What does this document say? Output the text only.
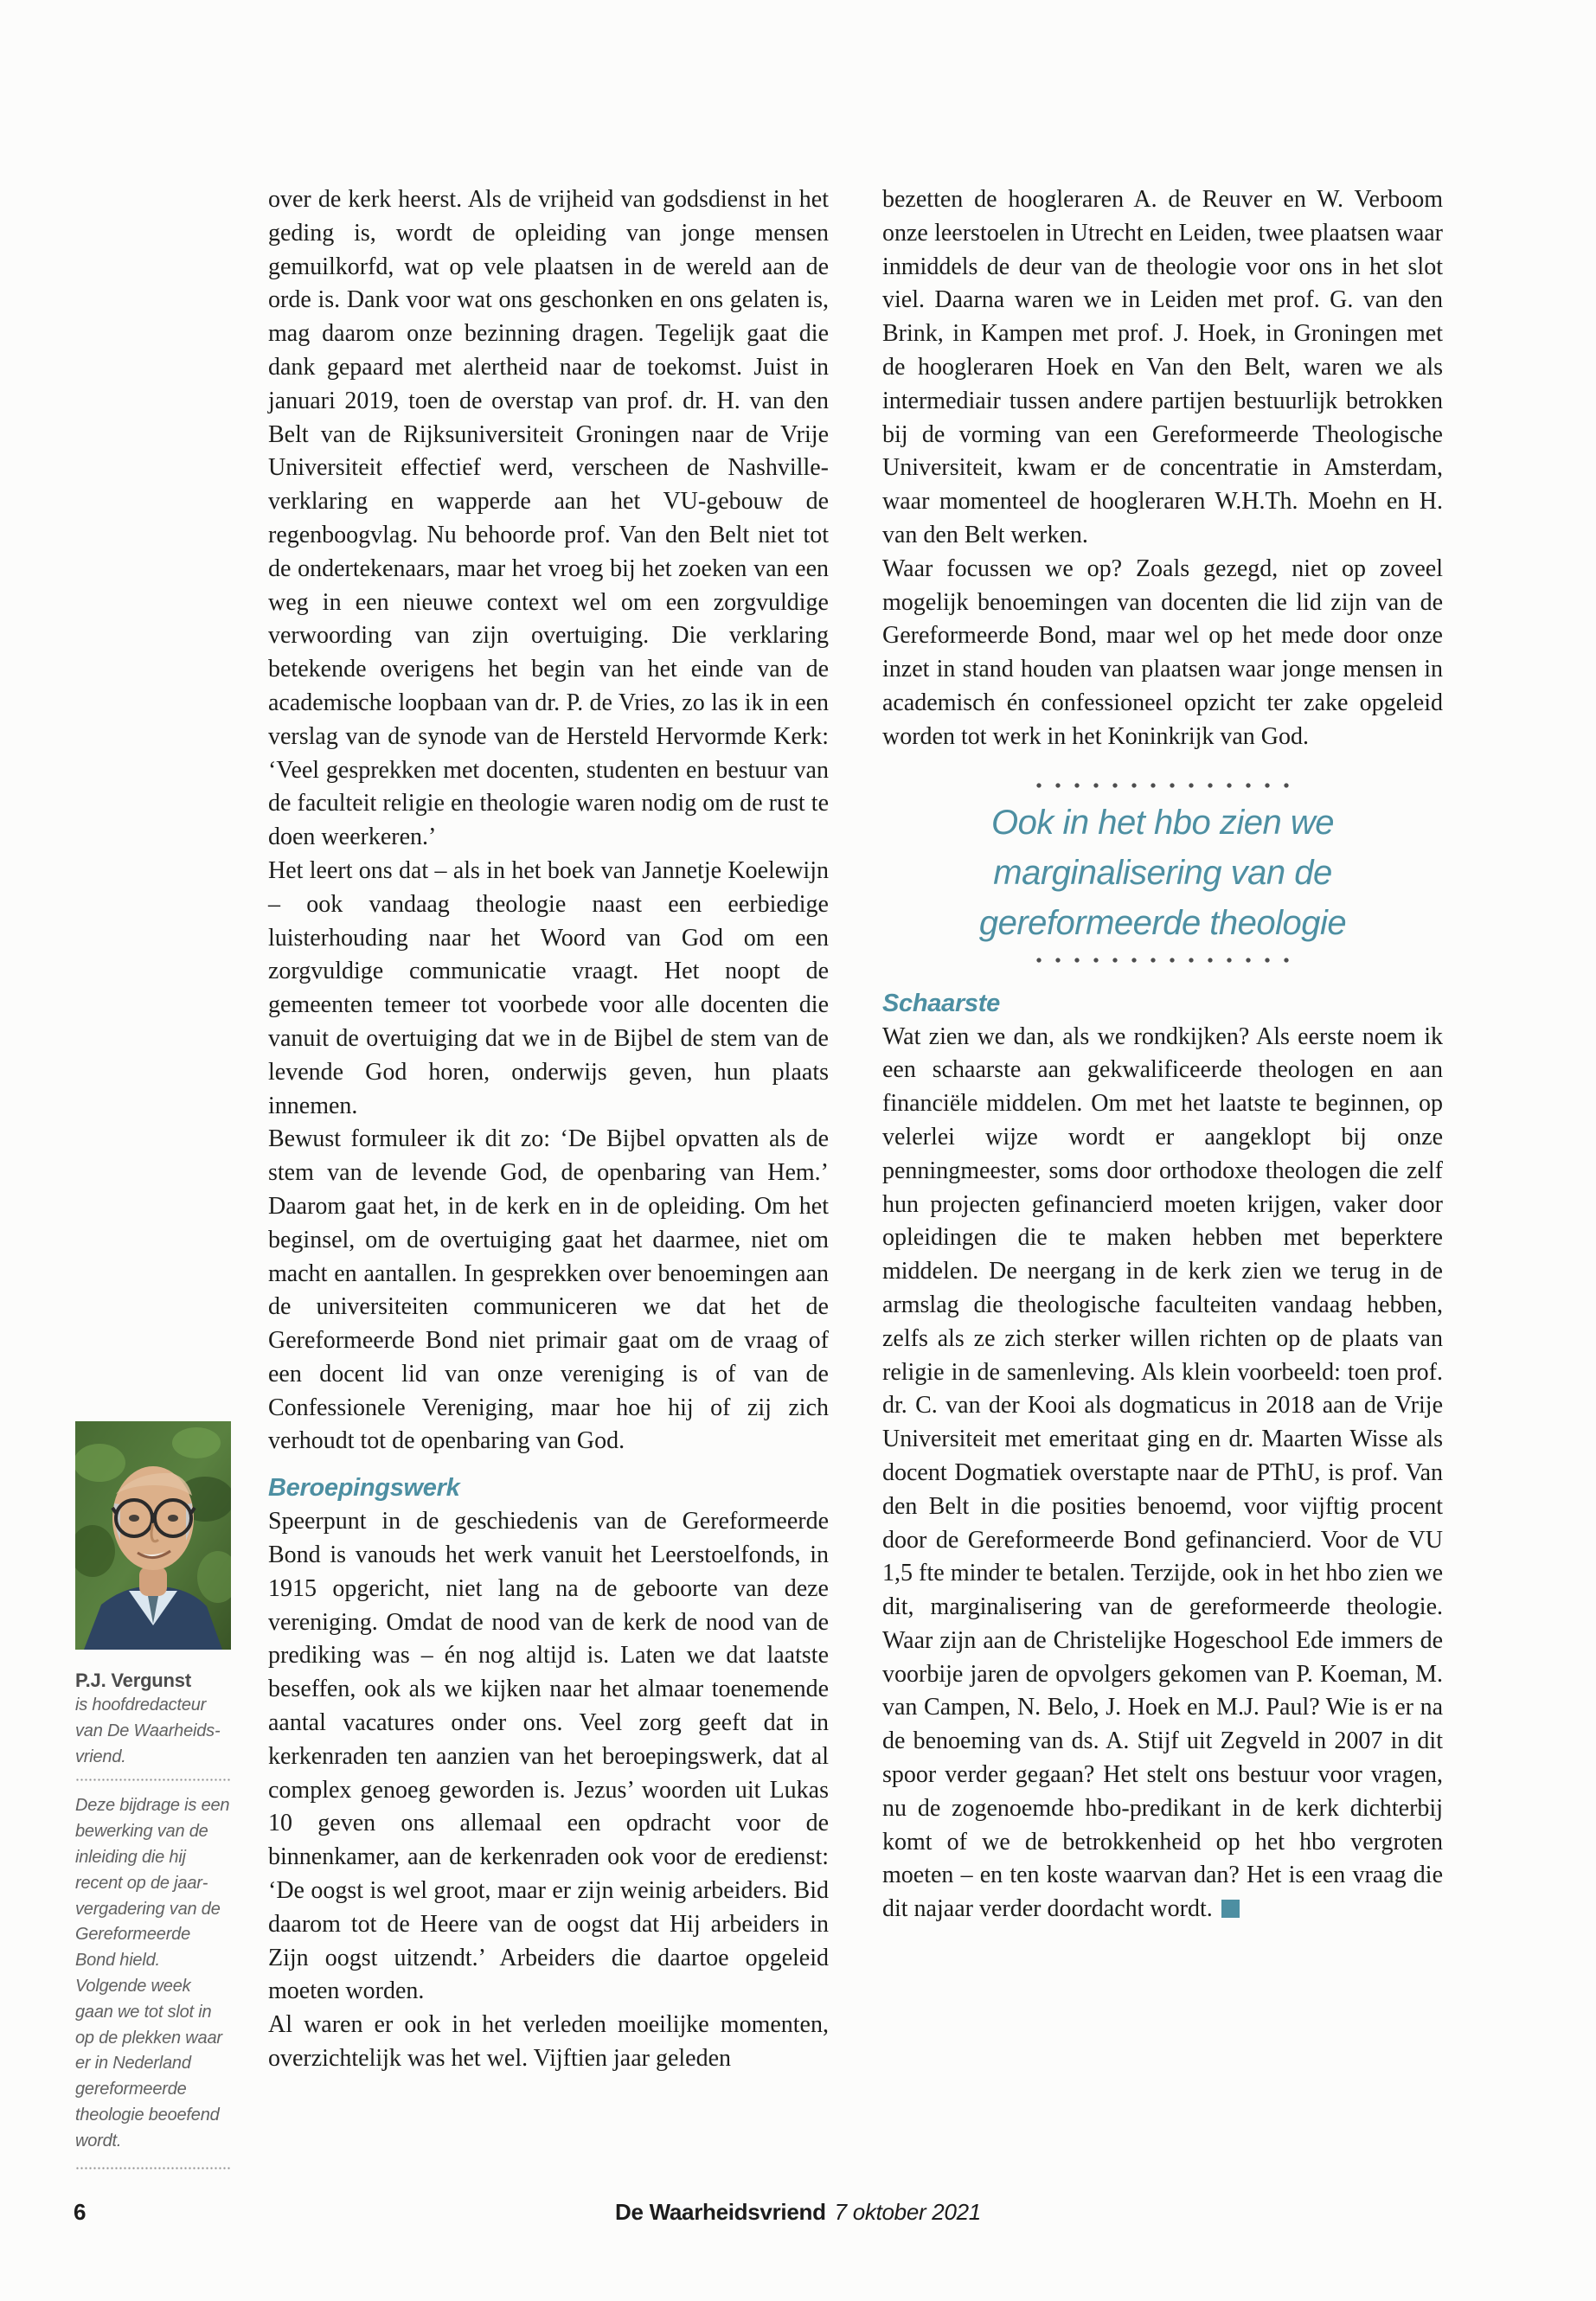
over de kerk heerst. Als de vrijheid van godsdienst in het geding is, wordt de opleiding van jonge mensen gemuilkorfd, wat op vele plaatsen in de wereld aan de orde is. Dank voor wat ons geschonken en ons gelaten is, mag daarom onze bezinning dragen. Tegelijk gaat die dank gepaard met alertheid naar de toekomst. Juist in januari 2019, toen de overstap van prof. dr. H. van den Belt van de Rijksuniversiteit Groningen naar de Vrije Universiteit effectief werd, verscheen de Nashville-verklaring en wapperde aan het VU-gebouw de regenboogvlag. Nu behoorde prof. Van den Belt niet tot de ondertekenaars, maar het vroeg bij het zoeken van een weg in een nieuwe context wel om een zorgvuldige verwoording van zijn overtuiging. Die verklaring betekende overigens het begin van het einde van de academische loopbaan van dr. P. de Vries, zo las ik in een verslag van de synode van de Hersteld Hervormde Kerk: ‘Veel gesprekken met docenten, studenten en bestuur van de faculteit religie en theologie waren nodig om de rust te doen weerkeren.’

Het leert ons dat – als in het boek van Jannetje Koelewijn – ook vandaag theologie naast een eerbiedige luisterhouding naar het Woord van God om een zorgvuldige communicatie vraagt. Het noopt de gemeenten temeer tot voorbede voor alle docenten die vanuit de overtuiging dat we in de Bijbel de stem van de levende God horen, onderwijs geven, hun plaats innemen.

Bewust formuleer ik dit zo: ‘De Bijbel opvatten als de stem van de levende God, de openbaring van Hem.’ Daarom gaat het, in de kerk en in de opleiding. Om het beginsel, om de overtuiging gaat het daarmee, niet om macht en aantallen. In gesprekken over benoemingen aan de universiteiten communiceren we dat het de Gereformeerde Bond niet primair gaat om de vraag of een docent lid van onze vereniging is of van de Confessionele Vereniging, maar hoe hij of zij zich verhoudt tot de openbaring van God.

Beroepingswerk

Speerpunt in de geschiedenis van de Gereformeerde Bond is vanouds het werk vanuit het Leerstoelfonds, in 1915 opgericht, niet lang na de geboorte van deze vereniging. Omdat de nood van de kerk de nood van de prediking was – én nog altijd is. Laten we dat laatste beseffen, ook als we kijken naar het almaar toenemende aantal vacatures onder ons. Veel zorg geeft dat in kerkenraden ten aanzien van het beroepingswerk, dat al complex genoeg geworden is. Jezus’ woorden uit Lukas 10 geven ons allemaal een opdracht voor de binnenkamer, aan de kerkenraden ook voor de eredienst: ‘De oogst is wel groot, maar er zijn weinig arbeiders. Bid daarom tot de Heere van de oogst dat Hij arbeiders in Zijn oogst uitzendt.’ Arbeiders die daartoe opgeleid moeten worden.

Al waren er ook in het verleden moeilijke momenten, overzichtelijk was het wel. Vijftien jaar geleden

bezetten de hoogleraren A. de Reuver en W. Verboom onze leerstoelen in Utrecht en Leiden, twee plaatsen waar inmiddels de deur van de theologie voor ons in het slot viel. Daarna waren we in Leiden met prof. G. van den Brink, in Kampen met prof. J. Hoek, in Groningen met de hoogleraren Hoek en Van den Belt, waren we als intermediair tussen andere partijen bestuurlijk betrokken bij de vorming van een Gereformeerde Theologische Universiteit, kwam er de concentratie in Amsterdam, waar momenteel de hoogleraren W.H.Th. Moehn en H. van den Belt werken.

Waar focussen we op? Zoals gezegd, niet op zoveel mogelijk benoemingen van docenten die lid zijn van de Gereformeerde Bond, maar wel op het mede door onze inzet in stand houden van plaatsen waar jonge mensen in academisch én confessioneel opzicht ter zake opgeleid worden tot werk in het Koninkrijk van God.

Ook in het hbo zien we
marginalisering van de
gereformeerde theologie
Schaarste

Wat zien we dan, als we rondkijken? Als eerste noem ik een schaarste aan gekwalificeerde theologen en aan financiële middelen. Om met het laatste te beginnen, op velerlei wijze wordt er aangeklopt bij onze penningmeester, soms door orthodoxe theologen die zelf hun projecten gefinancierd moeten krijgen, vaker door opleidingen die te maken hebben met beperktere middelen. De neergang in de kerk zien we terug in de armslag die theologische faculteiten vandaag hebben, zelfs als ze zich sterker willen richten op de plaats van religie in de samenleving. Als klein voorbeeld: toen prof. dr. C. van der Kooi als dogmaticus in 2018 aan de Vrije Universiteit met emeritaat ging en dr. Maarten Wisse als docent Dogmatiek overstapte naar de PThU, is prof. Van den Belt in die posities benoemd, voor vijftig procent door de Gereformeerde Bond gefinancierd. Voor de VU 1,5 fte minder te betalen. Terzijde, ook in het hbo zien we dit, marginalisering van de gereformeerde theologie. Waar zijn aan de Christelijke Hogeschool Ede immers de voorbije jaren de opvolgers gekomen van P. Koeman, M. van Campen, N. Belo, J. Hoek en M.J. Paul? Wie is er na de benoeming van ds. A. Stijf uit Zegveld in 2007 in dit spoor verder gegaan? Het stelt ons bestuur voor vragen, nu de zogenoemde hbo-predikant in de kerk dichterbij komt of we de betrokkenheid op het hbo vergroten moeten – en ten koste waarvan dan? Het is een vraag die dit najaar verder doordacht wordt.

P.J. Vergunst
is hoofdredacteur van De Waarheidsvriend.
Deze bijdrage is een bewerking van de inleiding die hij recent op de jaarvergadering van de Gereformeerde Bond hield. Volgende week gaan we tot slot in op de plekken waar er in Nederland gereformeerde theologie beoefend wordt.
6	De Waarheidsvriend 7 oktober 2021
